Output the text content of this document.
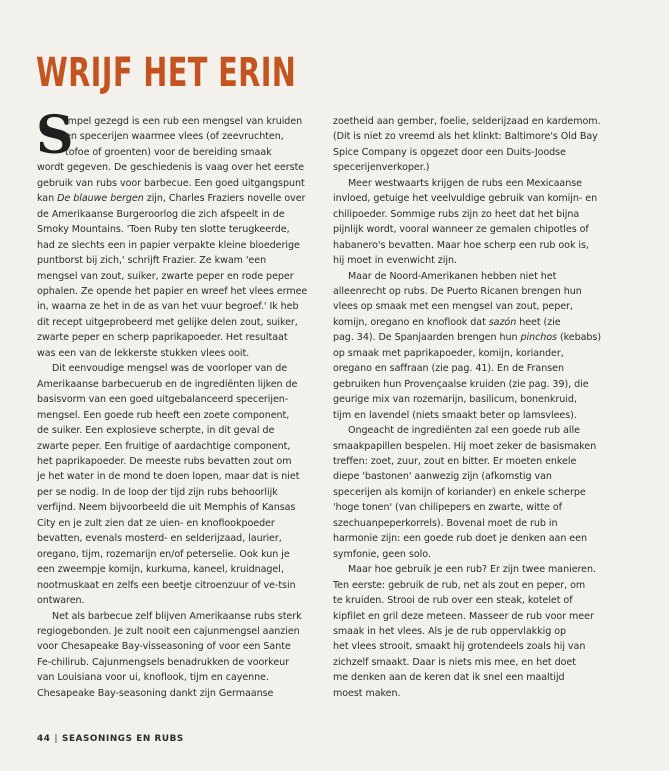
WRIJF HET ERIN
S

impel gezegd is een rub een mengsel van kruiden

en specerijen waarmee vlees (of zeevruchten,

tofoe of groenten) voor de bereiding smaak

wordt gegeven. De geschiedenis is vaag over het eerste

gebruik van rubs voor barbecue. Een goed uitgangspunt

kan De blauwe bergen zijn, Charles Fraziers novelle over

de Amerikaanse Burgeroorlog die zich afspeelt in de

Smoky Mountains. 'Toen Ruby ten slotte terugkeerde,

had ze slechts een in papier verpakte kleine bloederige

puntborst bij zich,' schrijft Frazier. Ze kwam 'een

mengsel van zout, suiker, zwarte peper en rode peper

ophalen. Ze opende het papier en wreef het vlees ermee

in, waarna ze het in de as van het vuur begroef.' Ik heb

dit recept uitgeprobeerd met gelijke delen zout, suiker,

zwarte peper en scherp paprikapoeder. Het resultaat

was een van de lekkerste stukken vlees ooit.

Dit eenvoudige mengsel was de voorloper van de

Amerikaanse barbecuerub en de ingrediënten lijken de

basisvorm van een goed uitgebalanceerd specerijen-

mengsel. Een goede rub heeft een zoete component,

de suiker. Een explosieve scherpte, in dit geval de

zwarte peper. Een fruitige of aardachtige component,

het paprikapoeder. De meeste rubs bevatten zout om

je het water in de mond te doen lopen, maar dat is niet

per se nodig. In de loop der tijd zijn rubs behoorlijk

verfijnd. Neem bijvoorbeeld die uit Memphis of Kansas

City en je zult zien dat ze uien- en knoflookpoeder

bevatten, evenals mosterd- en selderijzaad, laurier,

oregano, tijm, rozemarijn en/of peterselie. Ook kun je

een zweempje komijn, kurkuma, kaneel, kruidnagel,

nootmuskaat en zelfs een beetje citroenzuur of ve-tsin

ontwaren.

Net als barbecue zelf blijven Amerikaanse rubs sterk

regiogebonden. Je zult nooit een cajunmengsel aanzien

voor Chesapeake Bay-visseasoning of voor een Sante

Fe-chilirub. Cajunmengsels benadrukken de voorkeur

van Louisiana voor ui, knoflook, tijm en cayenne.

Chesapeake Bay-seasoning dankt zijn Germaanse

zoetheid aan gember, foelie, selderijzaad en kardemom.

(Dit is niet zo vreemd als het klinkt: Baltimore's Old Bay

Spice Company is opgezet door een Duits-Joodse

specerijenverkoper.)

Meer westwaarts krijgen de rubs een Mexicaanse

invloed, getuige het veelvuldige gebruik van komijn- en

chilipoeder. Sommige rubs zijn zo heet dat het bijna

pijnlijk wordt, vooral wanneer ze gemalen chipotles of

habanero's bevatten. Maar hoe scherp een rub ook is,

hij moet in evenwicht zijn.

Maar de Noord-Amerikanen hebben niet het

alleenrecht op rubs. De Puerto Ricanen brengen hun

vlees op smaak met een mengsel van zout, peper,

komijn, oregano en knoflook dat sazón heet (zie

pag. 34). De Spanjaarden brengen hun pinchos (kebabs)

op smaak met paprikapoeder, komijn, koriander,

oregano en saffraan (zie pag. 41). En de Fransen

gebruiken hun Provençaalse kruiden (zie pag. 39), die

geurige mix van rozemarijn, basilicum, bonenkruid,

tijm en lavendel (niets smaakt beter op lamsvlees).

Ongeacht de ingrediënten zal een goede rub alle

smaakpapillen bespelen. Hij moet zeker de basismaken

treffen: zoet, zuur, zout en bitter. Er moeten enkele

diepe 'bastonen' aanwezig zijn (afkomstig van

specerijen als komijn of koriander) en enkele scherpe

'hoge tonen' (van chilipepers en zwarte, witte of

szechuanpeperkorrels). Bovenal moet de rub in

harmonie zijn: een goede rub doet je denken aan een

symfonie, geen solo.

Maar hoe gebruik je een rub? Er zijn twee manieren.

Ten eerste: gebruik de rub, net als zout en peper, om

te kruiden. Strooi de rub over een steak, kotelet of

kipfilet en gril deze meteen. Masseer de rub voor meer

smaak in het vlees. Als je de rub oppervlakkig op

het vlees strooit, smaakt hij grotendeels zoals hij van

zichzelf smaakt. Daar is niets mis mee, en het doet

me denken aan de keren dat ik snel een maaltijd

moest maken.

44 | SEASONINGS EN RUBS
